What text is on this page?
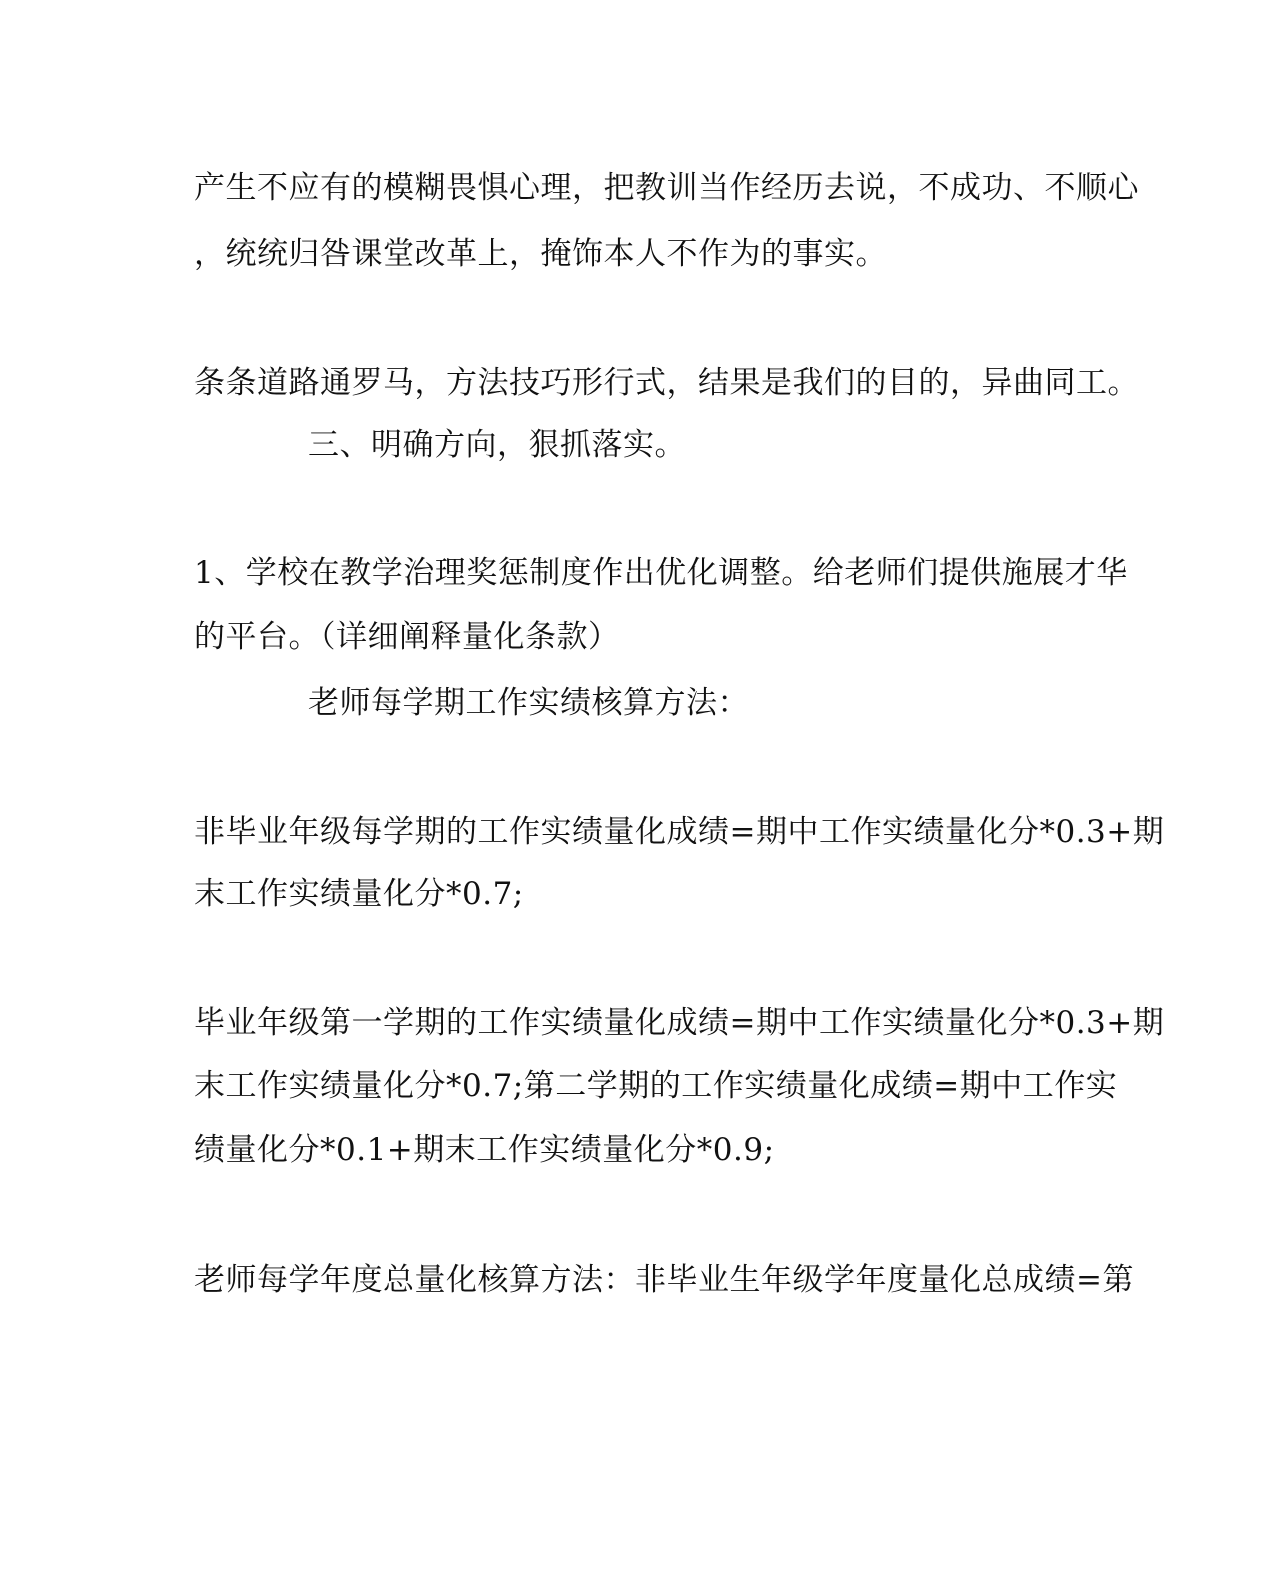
产生不应有的模糊畏惧心理，把教训当作经历去说，不成功、不顺心
，统统归咎课堂改革上，掩饰本人不作为的事实。
条条道路通罗马，方法技巧形行式，结果是我们的目的，异曲同工。
三、明确方向，狠抓落实。
1、学校在教学治理奖惩制度作出优化调整。给老师们提供施展才华
的平台。（详细阐释量化条款）
老师每学期工作实绩核算方法：
非毕业年级每学期的工作实绩量化成绩=期中工作实绩量化分*0.3+期
末工作实绩量化分*0.7;
毕业年级第一学期的工作实绩量化成绩=期中工作实绩量化分*0.3+期
末工作实绩量化分*0.7;第二学期的工作实绩量化成绩=期中工作实
绩量化分*0.1+期末工作实绩量化分*0.9;
老师每学年度总量化核算方法：非毕业生年级学年度量化总成绩=第
